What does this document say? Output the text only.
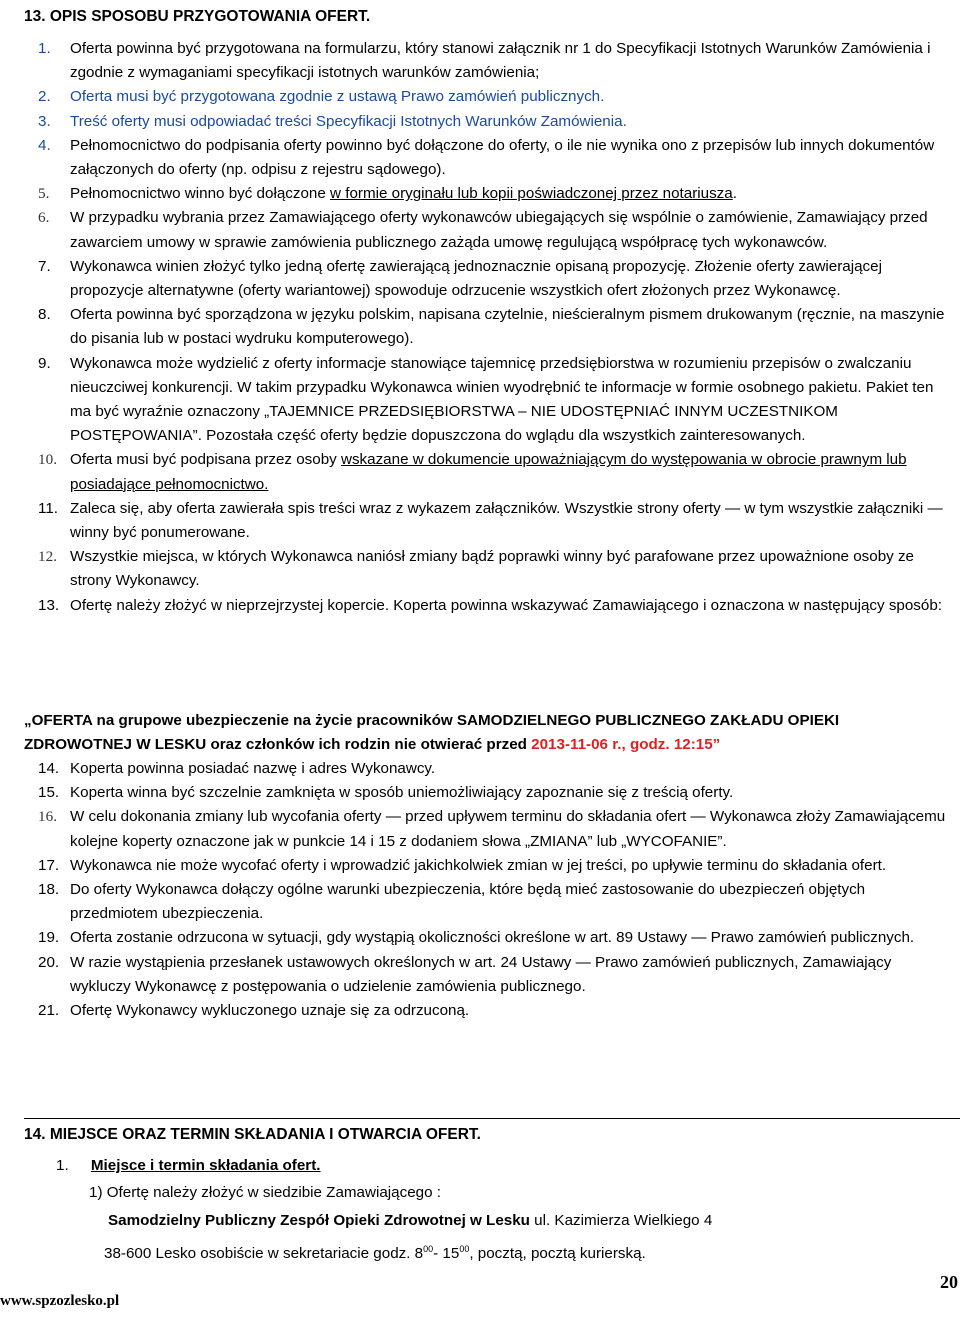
13. OPIS SPOSOBU PRZYGOTOWANIA OFERT.
1. Oferta powinna być przygotowana na formularzu, który stanowi załącznik nr 1 do Specyfikacji Istotnych Warunków Zamówienia i zgodnie z wymaganiami specyfikacji istotnych warunków zamówienia;
2. Oferta musi być przygotowana zgodnie z ustawą Prawo zamówień publicznych.
3. Treść oferty musi odpowiadać treści Specyfikacji Istotnych Warunków Zamówienia.
4. Pełnomocnictwo do podpisania oferty powinno być dołączone do oferty, o ile nie wynika ono z przepisów lub innych dokumentów załączonych do oferty (np. odpisu z rejestru sądowego).
5. Pełnomocnictwo winno być dołączone w formie oryginału lub kopii poświadczonej przez notariusza.
6. W przypadku wybrania przez Zamawiającego oferty wykonawców ubiegających się wspólnie o zamówienie, Zamawiający przed zawarciem umowy w sprawie zamówienia publicznego zażąda umowę regulującą współpracę tych wykonawców.
7. Wykonawca winien złożyć tylko jedną ofertę zawierającą jednoznacznie opisaną propozycję. Złożenie oferty zawierającej propozycje alternatywne (oferty wariantowej) spowoduje odrzucenie wszystkich ofert złożonych przez Wykonawcę.
8. Oferta powinna być sporządzona w języku polskim, napisana czytelnie, nieścieralnym pismem drukowanym (ręcznie, na maszynie do pisania lub w postaci wydruku komputerowego).
9. Wykonawca może wydzielić z oferty informacje stanowiące tajemnicę przedsiębiorstwa w rozumieniu przepisów o zwalczaniu nieuczciwej konkurencji. W takim przypadku Wykonawca winien wyodrębnić te informacje w formie osobnego pakietu. Pakiet ten ma być wyraźnie oznaczony „TAJEMNICE PRZEDSIĘBIORSTWA – NIE UDOSTĘPNIAĆ INNYM UCZESTNIKOM POSTĘPOWANIA”. Pozostała część oferty będzie dopuszczona do wglądu dla wszystkich zainteresowanych.
10. Oferta musi być podpisana przez osoby wskazane w dokumencie upoważniającym do występowania w obrocie prawnym lub posiadające pełnomocnictwo.
11. Zaleca się, aby oferta zawierała spis treści wraz z wykazem załączników. Wszystkie strony oferty — w tym wszystkie załączniki — winny być ponumerowane.
12. Wszystkie miejsca, w których Wykonawca naniósł zmiany bądź poprawki winny być parafowane przez upoważnione osoby ze strony Wykonawcy.
13. Ofertę należy złożyć w nieprzejrzystej kopercie. Koperta powinna wskazywać Zamawiającego i oznaczona w następujący sposób:
„OFERTA na grupowe ubezpieczenie na życie pracowników SAMODZIELNEGO PUBLICZNEGO ZAKŁADU OPIEKI ZDROWOTNEJ W LESKU oraz członków ich rodzin nie otwierać przed 2013-11-06 r., godz. 12:15”
14. Koperta powinna posiadać nazwę i adres Wykonawcy.
15. Koperta winna być szczelnie zamknięta w sposób uniemożliwiający zapoznanie się z treścią oferty.
16. W celu dokonania zmiany lub wycofania oferty — przed upływem terminu do składania ofert — Wykonawca złoży Zamawiającemu kolejne koperty oznaczone jak w punkcie 14 i 15 z dodaniem słowa „ZMIANA” lub „WYCOFANIE”.
17. Wykonawca nie może wycofać oferty i wprowadzić jakichkolwiek zmian w jej treści, po upływie terminu do składania ofert.
18. Do oferty Wykonawca dołączy ogólne warunki ubezpieczenia, które będą mieć zastosowanie do ubezpieczeń objętych przedmiotem ubezpieczenia.
19. Oferta zostanie odrzucona w sytuacji, gdy wystąpią okoliczności określone w art. 89 Ustawy — Prawo zamówień publicznych.
20. W razie wystąpienia przesłanek ustawowych określonych w art. 24 Ustawy — Prawo zamówień publicznych, Zamawiający wykluczy Wykonawcę z postępowania o udzielenie zamówienia publicznego.
21. Ofertę Wykonawcy wykluczonego uznaje się za odrzuconą.
14. MIEJSCE ORAZ TERMIN SKŁADANIA I OTWARCIA OFERT.
1. Miejsce i termin składania ofert.
1) Ofertę należy złożyć w siedzibie Zamawiającego :
Samodzielny Publiczny Zespół Opieki Zdrowotnej w Lesku ul. Kazimierza Wielkiego 4
38-600 Lesko osobiście w sekretariacie godz. $8^{00}-$ $15^{00}$, pocztą, pocztą kurierską.
20
www.spzozlesko.pl
